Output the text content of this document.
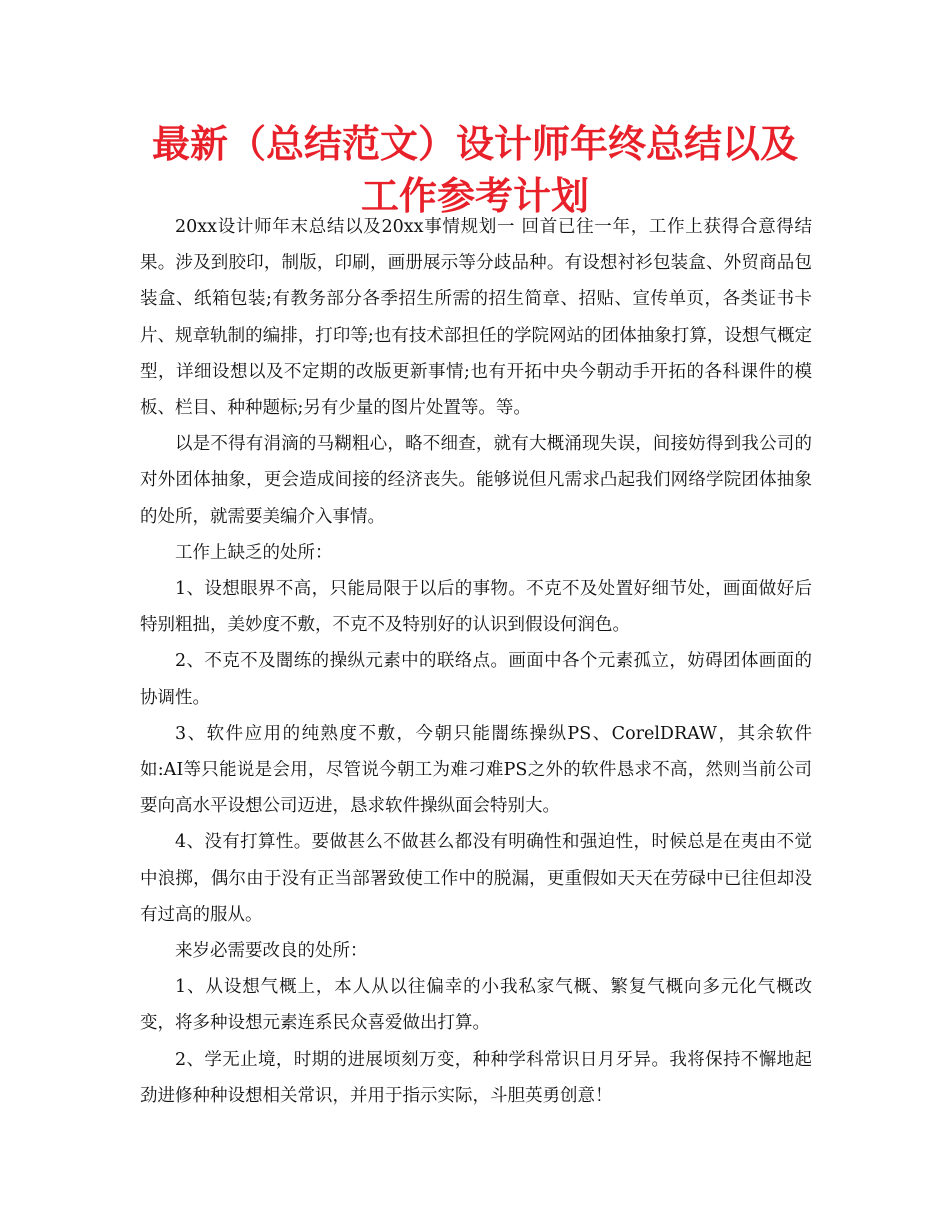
最新（总结范文）设计师年终总结以及工作参考计划

20xx设计师年末总结以及20xx事情规划一 回首已往一年，工作上获得合意得结果。涉及到胶印，制版，印刷，画册展示等分歧品种。有设想衬衫包装盒、外贸商品包装盒、纸箱包装;有教务部分各季招生所需的招生简章、招贴、宣传单页，各类证书卡片、规章轨制的编排，打印等;也有技术部担任的学院网站的团体抽象打算，设想气概定型，详细设想以及不定期的改版更新事情;也有开拓中央今朝动手开拓的各科课件的模板、栏目、种种题标;另有少量的图片处置等。等。

以是不得有涓滴的马糊粗心，略不细查，就有大概涌现失误，间接妨得到我公司的对外团体抽象，更会造成间接的经济丧失。能够说但凡需求凸起我们网络学院团体抽象的处所，就需要美编介入事情。

工作上缺乏的处所：

1、设想眼界不高，只能局限于以后的事物。不克不及处置好细节处，画面做好后特别粗拙，美妙度不敷，不克不及特别好的认识到假设何润色。

2、不克不及闇练的操纵元素中的联络点。画面中各个元素孤立，妨碍团体画面的协调性。

3、软件应用的纯熟度不敷，今朝只能闇练操纵PS、CorelDRAW，其余软件如:AI等只能说是会用，尽管说今朝工为难刁难PS之外的软件恳求不高，然则当前公司要向高水平设想公司迈进，恳求软件操纵面会特别大。

4、没有打算性。要做甚么不做甚么都没有明确性和强迫性，时候总是在夷由不觉中浪掷，偶尔由于没有正当部署致使工作中的脱漏，更重假如天天在劳碌中已往但却没有过高的服从。

来岁必需要改良的处所：

1、从设想气概上，本人从以往偏幸的小我私家气概、繁复气概向多元化气概改变，将多种设想元素连系民众喜爱做出打算。

2、学无止境，时期的进展顷刻万变，种种学科常识日月牙异。我将保持不懈地起劲进修种种设想相关常识，并用于指示实际，斗胆英勇创意！
